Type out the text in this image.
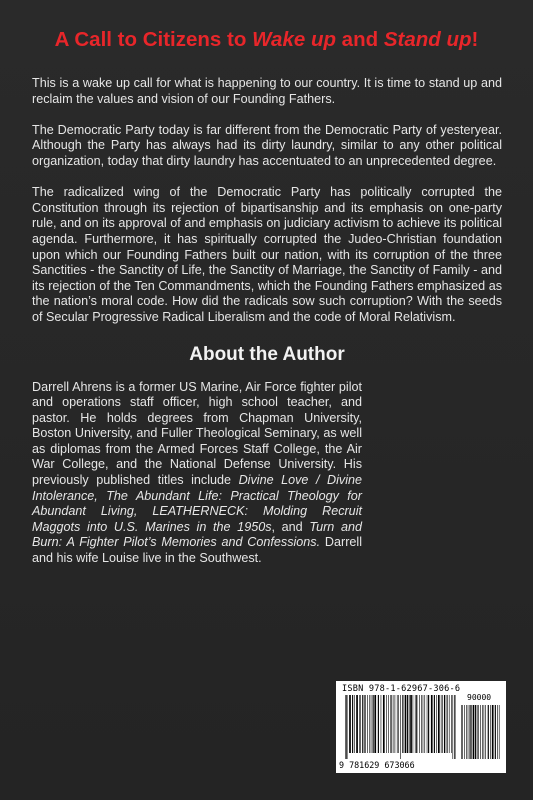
A Call to Citizens to Wake up and Stand up!

This is a wake up call for what is happening to our country. It is time to stand up and reclaim the values and vision of our Founding Fathers.

The Democratic Party today is far different from the Democratic Party of yesteryear. Although the Party has always had its dirty laundry, similar to any other political organization, today that dirty laundry has accentuated to an unprecedented degree.

The radicalized wing of the Democratic Party has politically corrupted the Constitution through its rejection of bipartisanship and its emphasis on one-party rule, and on its approval of and emphasis on judiciary activism to achieve its political agenda. Furthermore, it has spiritually corrupted the Judeo-Christian foundation upon which our Founding Fathers built our nation, with its corruption of the three Sanctities - the Sanctity of Life, the Sanctity of Marriage, the Sanctity of Family - and its rejection of the Ten Commandments, which the Founding Fathers emphasized as the nation’s moral code. How did the radicals sow such corruption? With the seeds of Secular Progressive Radical Liberalism and the code of Moral Relativism.

About the Author

Darrell Ahrens is a former US Marine, Air Force fighter pilot and operations staff officer, high school teacher, and pastor. He holds degrees from Chapman University, Boston University, and Fuller Theological Seminary, as well as diplomas from the Armed Forces Staff College, the Air War College, and the National Defense University. His previously published titles include Divine Love / Divine Intolerance, The Abundant Life: Practical Theology for Abundant Living, LEATHERNECK: Molding Recruit Maggots into U.S. Marines in the 1950s, and Turn and Burn: A Fighter Pilot’s Memories and Confessions. Darrell and his wife Louise live in the Southwest.

ISBN 978-1-62967-306-6
90000
9 781629 673066
